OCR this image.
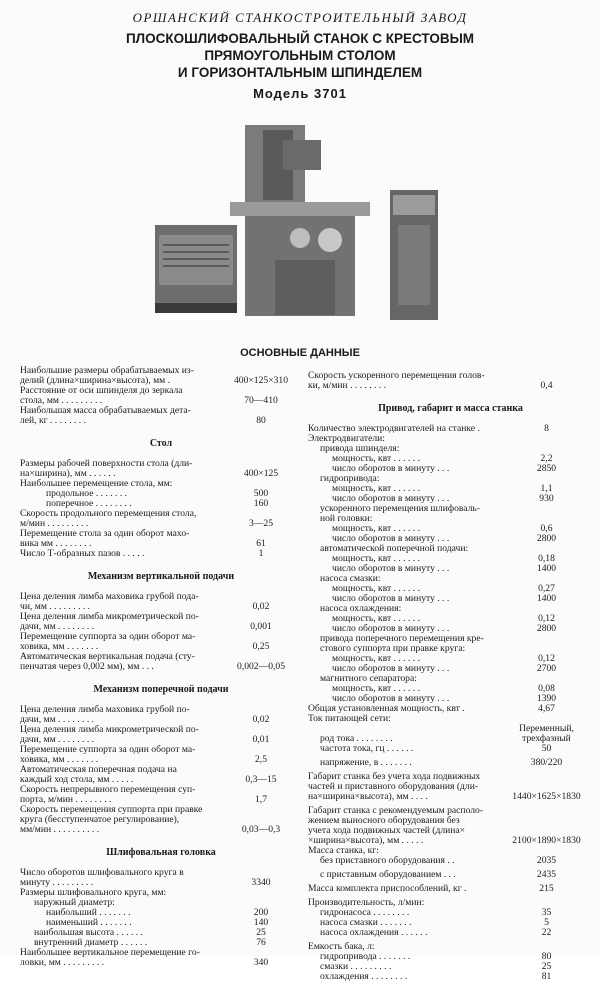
ОРШАНСКИЙ СТАНКОСТРОИТЕЛЬНЫЙ ЗАВОД
ПЛОСКОШЛИФОВАЛЬНЫЙ СТАНОК С КРЕСТОВЫМ
ПРЯМОУГОЛЬНЫМ СТОЛОМ
И ГОРИЗОНТАЛЬНЫМ ШПИНДЕЛЕМ
Модель 3701
ОСНОВНЫЕ ДАННЫЕ
Наибольшие размеры обрабатываемых из-
делий (длина×ширина×высота), мм .	400×125×310
Расстояние от оси шпинделя до зеркала
стола, мм . . . . . . . . .	70—410
Наибольшая масса обрабатываемых дета-
лей, кг . . . . . . . .	80
Стол
Размеры рабочей поверхности стола (дли-
на×ширина), мм . . . . . .	400×125
Наибольшее перемещение стола, мм:
продольное . . . . . . .	500
поперечное . . . . . . . .	160
Скорость продольного перемещения стола,
м/мин . . . . . . . . .	3—25
Перемещение стола за один оборот махо-
вика мм . . . . . . . .	61
Число Т-образных пазов . . . . .	1
Механизм вертикальной подачи
Цена деления лимба маховика грубой пода-
чи, мм . . . . . . . . .	0,02
Цена деления лимба микрометрической по-
дачи, мм . . . . . . . .	0,001
Перемещение суппорта за один оборот ма-
ховика, мм . . . . . . .	0,25
Автоматическая вертикальная подача (сту-
пенчатая через 0,002 мм), мм . . .	0,002—0,05
Механизм поперечной подачи
Цена деления лимба маховика грубой по-
дачи, мм . . . . . . . .	0,02
Цена деления лимба микрометрической по-
дачи, мм . . . . . . . .	0,01
Перемещение суппорта за один оборот ма-
ховика, мм . . . . . . .	2,5
Автоматическая поперечная подача на
каждый ход стола, мм . . . . .	0,3—15
Скорость непрерывного перемещения суп-
порта, м/мин . . . . . . . .	1,7
Скорость перемещения суппорта при правке
круга (бесступенчатое регулирование),
мм/мин . . . . . . . . . .	0,03—0,3
Шлифовальная головка
Число оборотов шлифовального круга в
минуту . . . . . . . . .	3340
Размеры шлифовального круга, мм:
наружный диаметр:
наибольший . . . . . . .	200
наименьший . . . . . . .	140
наибольшая высота . . . . . .	25
внутренний диаметр . . . . . .	76
Наибольшее вертикальное перемещение го-
ловки, мм . . . . . . . . .	340
Скорость ускоренного перемещения голов-
ки, м/мин . . . . . . . .	0,4
Привод, габарит и масса станка
Количество электродвигателей на станке .	8
Электродвигатели:
привода шпинделя:
мощность, квт . . . . . .	2,2
число оборотов в минуту . . .	2850
гидропривода:
мощность, квт . . . . . .	1,1
число оборотов в минуту . . .	930
ускоренного перемещения шлифоваль-
ной головки:
мощность, квт . . . . . .	0,6
число оборотов в минуту . . .	2800
автоматической поперечной подачи:
мощность, квт . . . . . .	0,18
число оборотов в минуту . . .	1400
насоса смазки:
мощность, квт . . . . . .	0,27
число оборотов в минуту . . .	1400
насоса охлаждения:
мощность, квт . . . . . .	0,12
число оборотов в минуту . . .	2800
привода поперечного перемещения кре-
стового суппорта при правке круга:
мощность, квт . . . . . .	0,12
число оборотов в минуту . . .	2700
магнитного сепаратора:
мощность, квт . . . . . .	0,08
число оборотов в минуту . . .	1390
Общая установленная мощность, квт .	4,67
Ток питающей сети:
род тока . . . . . . . .

Переменный,
трехфазный
частота тока, гц . . . . . .	50
напряжение, в . . . . . . .	380/220
Габарит станка без учета хода подвижных
частей и приставного оборудования (дли-
на×ширина×высота), мм . . . .	1440×1625×1830
Габарит станка с рекомендуемым располо-
жением выносного оборудования без
учета хода подвижных частей (длина×
×ширина×высота), мм . . . . .	2100×1890×1830
Масса станка, кг:
без приставного оборудования . .	2035
с приставным оборудованием . . .	2435
Масса комплекта приспособлений, кг .	215
Производительность, л/мин:
гидронасоса . . . . . . . .	35
насоса смазки . . . . . . .	5
насоса охлаждения . . . . . .	22
Емкость бака, л:
гидропривода . . . . . . .	80
смазки . . . . . . . . .	25
охлаждения . . . . . . . .	81
